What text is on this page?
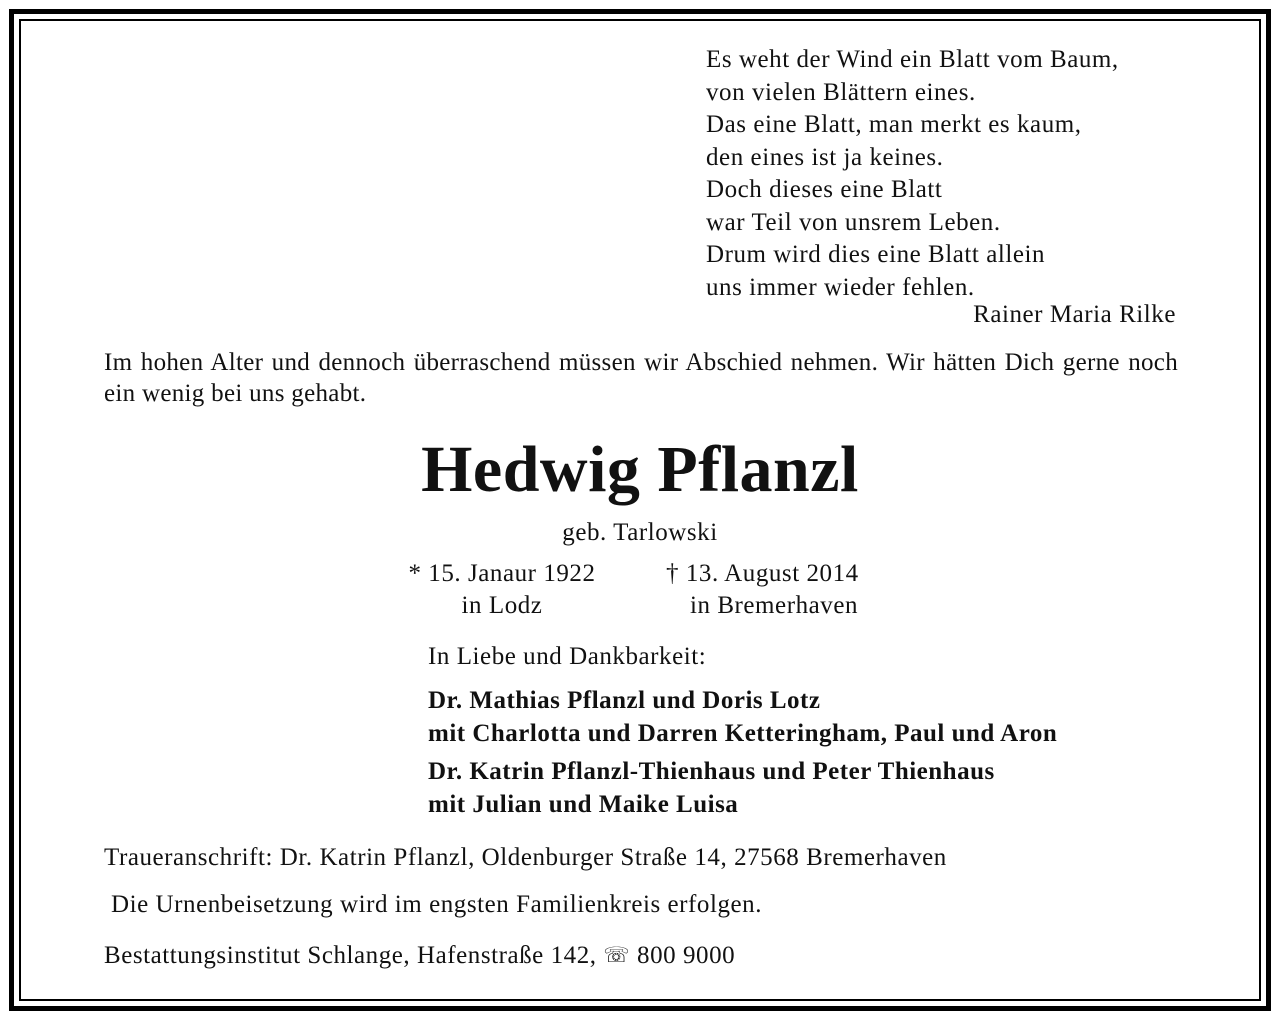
Es weht der Wind ein Blatt vom Baum,
von vielen Blättern eines.
Das eine Blatt, man merkt es kaum,
den eines ist ja keines.
Doch dieses eine Blatt
war Teil von unsrem Leben.
Drum wird dies eine Blatt allein
uns immer wieder fehlen.
Rainer Maria Rilke
Im hohen Alter und dennoch überraschend müssen wir Abschied nehmen. Wir hätten Dich gerne noch ein wenig bei uns gehabt.
Hedwig Pflanzl
geb. Tarlowski
* 15. Janaur 1922
in Lodz
† 13. August 2014
in Bremerhaven
In Liebe und Dankbarkeit:
Dr. Mathias Pflanzl und Doris Lotz
mit Charlotta und Darren Ketteringham, Paul und Aron
Dr. Katrin Pflanzl-Thienhaus und Peter Thienhaus
mit Julian und Maike Luisa
Traueranschrift: Dr. Katrin Pflanzl, Oldenburger Straße 14, 27568 Bremerhaven
Die Urnenbeisetzung wird im engsten Familienkreis erfolgen.
Bestattungsinstitut Schlange, Hafenstraße 142, ☏ 800 9000
